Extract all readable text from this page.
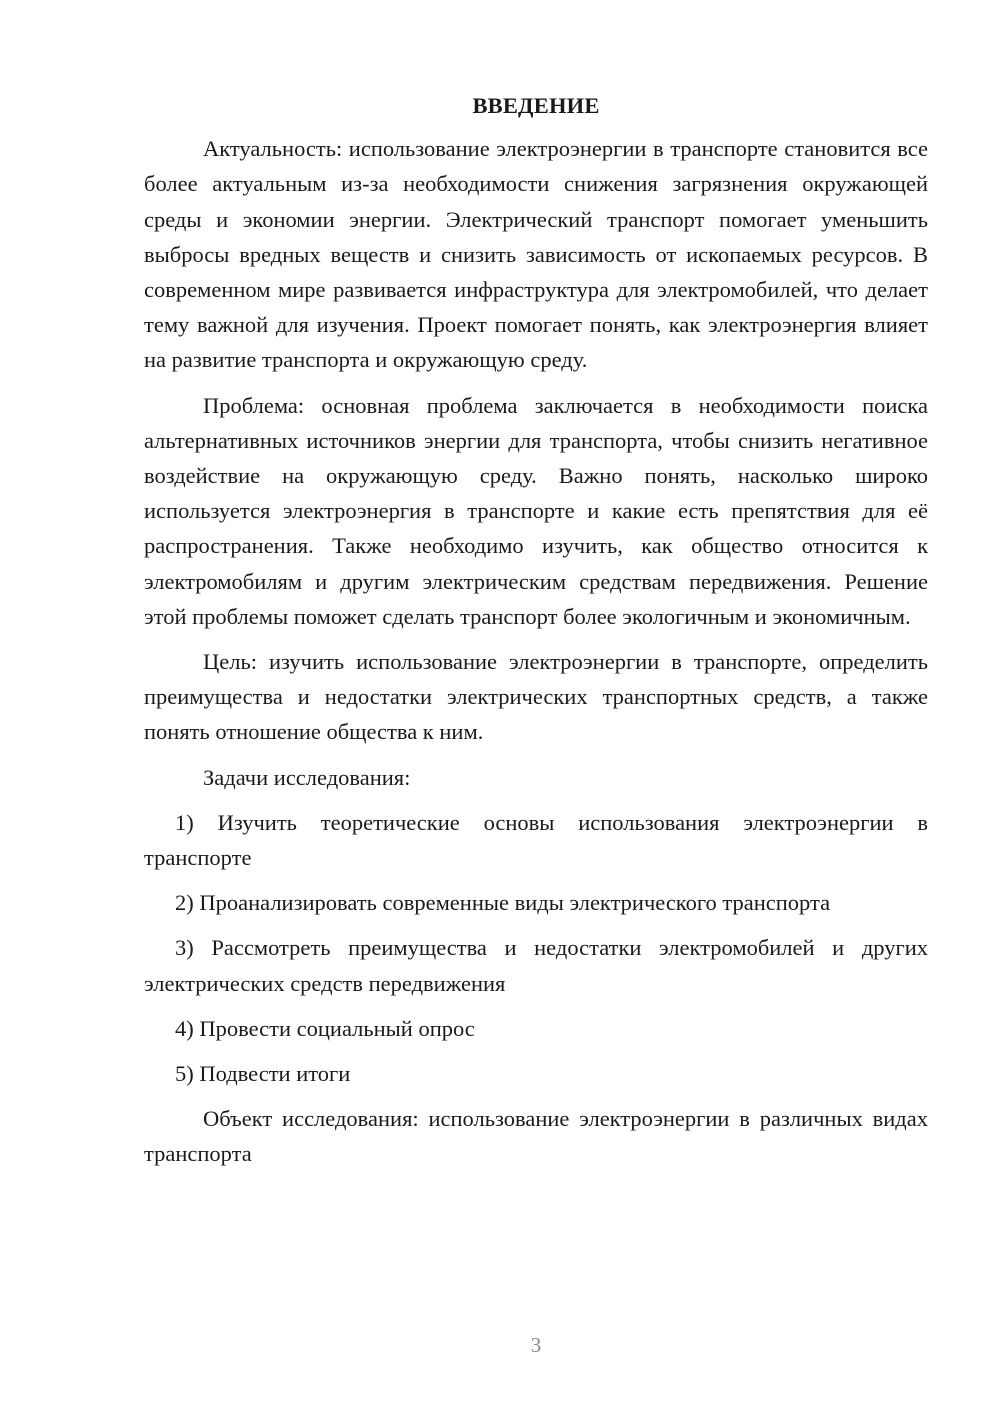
ВВЕДЕНИЕ

Актуальность: использование электроэнергии в транспорте становится все более актуальным из-за необходимости снижения загрязнения окружающей среды и экономии энергии. Электрический транспорт помогает уменьшить выбросы вредных веществ и снизить зависимость от ископаемых ресурсов. В современном мире развивается инфраструктура для электромобилей, что делает тему важной для изучения. Проект помогает понять, как электроэнергия влияет на развитие транспорта и окружающую среду.

Проблема: основная проблема заключается в необходимости поиска альтернативных источников энергии для транспорта, чтобы снизить негативное воздействие на окружающую среду. Важно понять, насколько широко используется электроэнергия в транспорте и какие есть препятствия для её распространения. Также необходимо изучить, как общество относится к электромобилям и другим электрическим средствам передвижения. Решение этой проблемы поможет сделать транспорт более экологичным и экономичным.

Цель: изучить использование электроэнергии в транспорте, определить преимущества и недостатки электрических транспортных средств, а также понять отношение общества к ним.

Задачи исследования:

1) Изучить теоретические основы использования электроэнергии в транспорте

2) Проанализировать современные виды электрического транспорта

3) Рассмотреть преимущества и недостатки электромобилей и других электрических средств передвижения

4) Провести социальный опрос

5) Подвести итоги

Объект исследования: использование электроэнергии в различных видах транспорта

3
